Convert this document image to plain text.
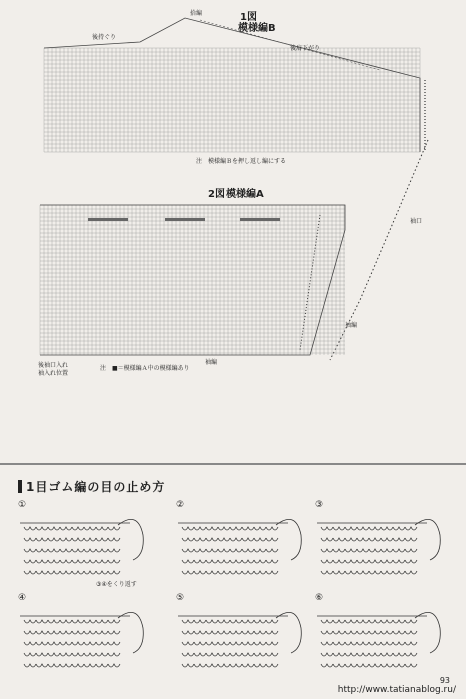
1図
模様編B
拾編
後持ぐり
後肩下がり
注　模様編Ｂを押し返し編にする
2図 模様編A
袖口
袖編
袖編
注　■＝模様編Ａ中の模様編あり
後袖口入れ
袖入れ位置
1目ゴム編の目の止め方
①	②	③
④	⑤	⑥
③④をくり返す
http://www.tatianablog.ru/
93
